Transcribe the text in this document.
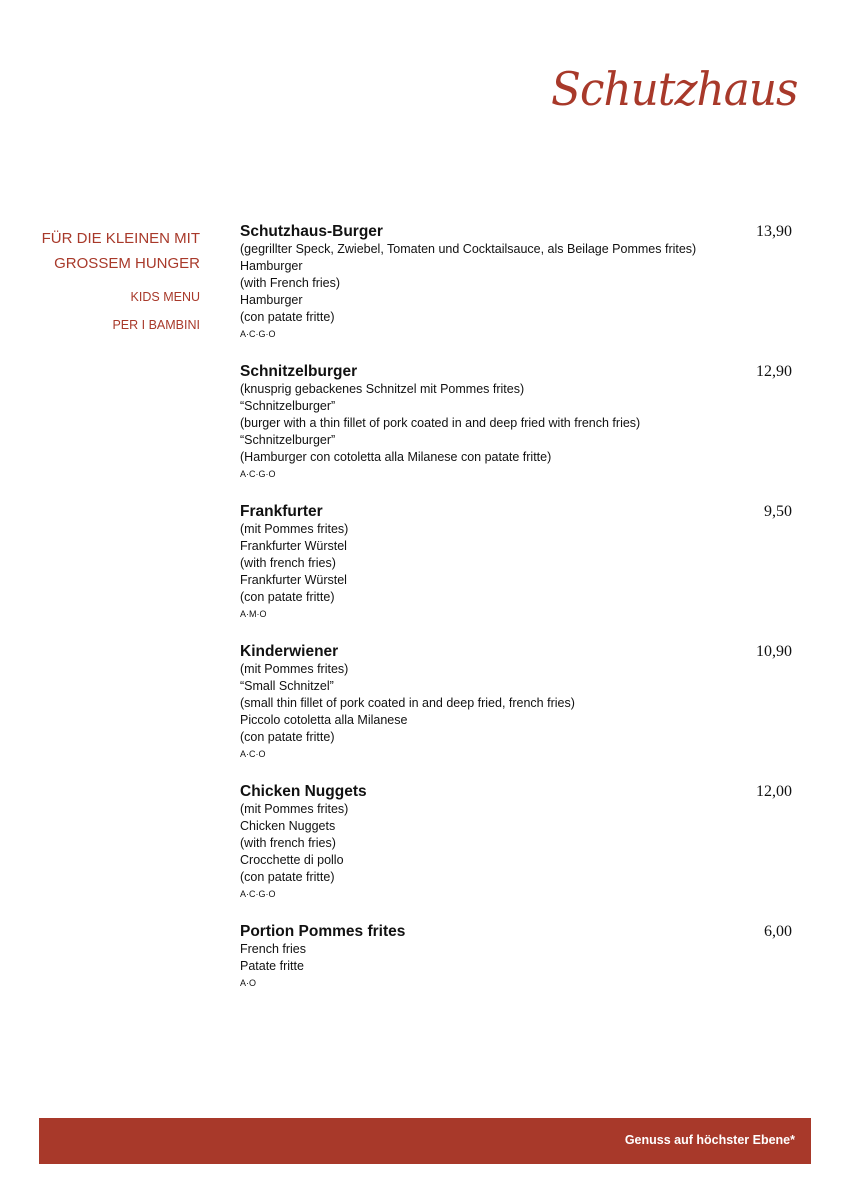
Schutzhaus
FÜR DIE KLEINEN MIT
GROSSEM HUNGER
KIDS MENU
PER I BAMBINI
Schutzhaus-Burger	13,90
(gegrillter Speck, Zwiebel, Tomaten und Cocktailsauce, als Beilage Pommes frites)
Hamburger
(with French fries)
Hamburger
(con patate fritte)
A·C·G·O
Schnitzelburger	12,90
(knusprig gebackenes Schnitzel mit Pommes frites)
“Schnitzelburger”
(burger with a thin fillet of pork coated in and deep fried with french fries)
“Schnitzelburger”
(Hamburger con cotoletta alla Milanese con patate fritte)
A·C·G·O
Frankfurter	9,50
(mit Pommes frites)
Frankfurter Würstel
(with french fries)
Frankfurter Würstel
(con patate fritte)
A·M·O
Kinderwiener	10,90
(mit Pommes frites)
“Small Schnitzel”
(small thin fillet of pork coated in and deep fried, french fries)
Piccolo cotoletta alla Milanese
(con patate fritte)
A·C·O
Chicken Nuggets	12,00
(mit Pommes frites)
Chicken Nuggets
(with french fries)
Crocchette di pollo
(con patate fritte)
A·C·G·O
Portion Pommes frites	6,00
French fries
Patate fritte
A·O
Genuss auf höchster Ebene*
